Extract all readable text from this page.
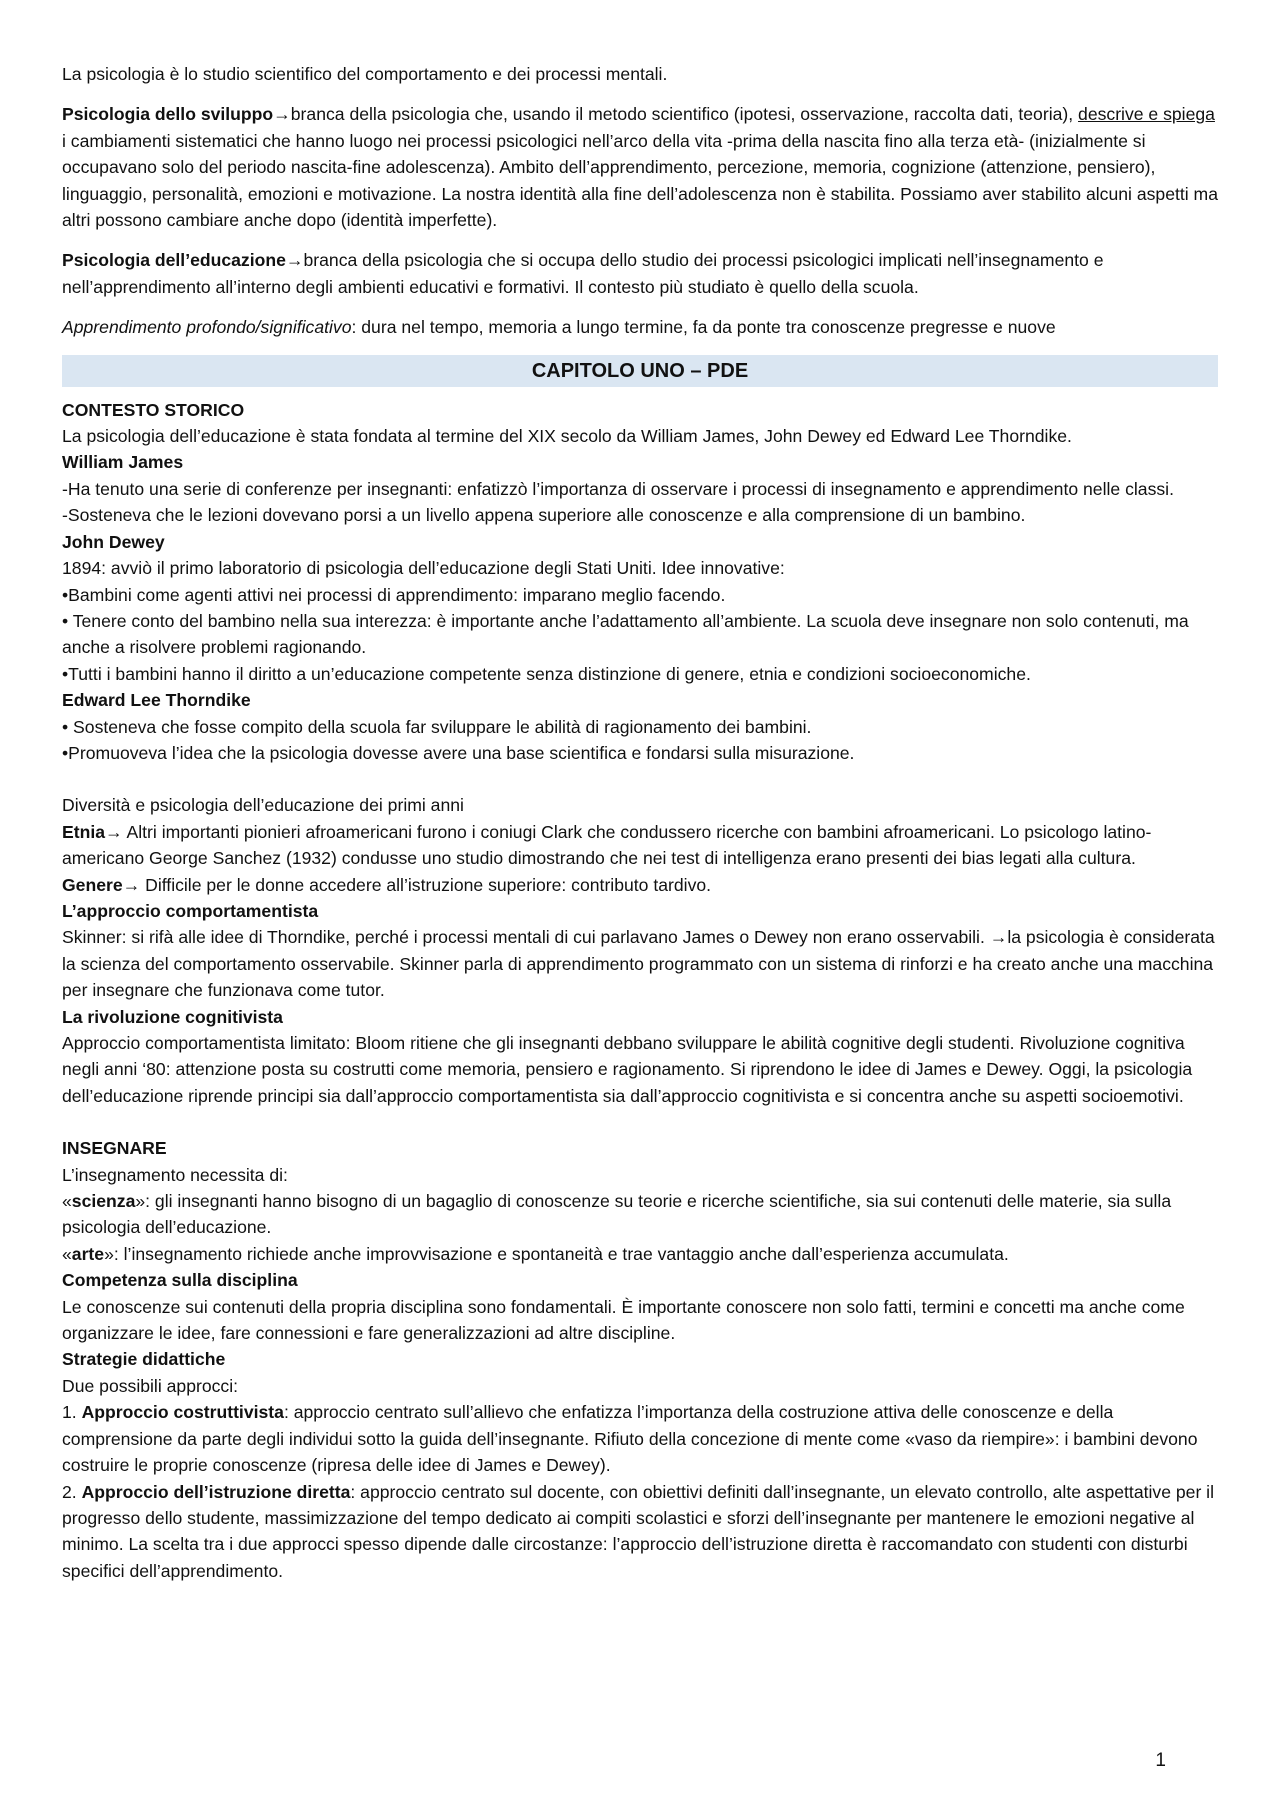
La psicologia è lo studio scientifico del comportamento e dei processi mentali.

Psicologia dello sviluppo→branca della psicologia che, usando il metodo scientifico (ipotesi, osservazione, raccolta dati, teoria), descrive e spiega i cambiamenti sistematici che hanno luogo nei processi psicologici nell’arco della vita -prima della nascita fino alla terza età- (inizialmente si occupavano solo del periodo nascita-fine adolescenza). Ambito dell’apprendimento, percezione, memoria, cognizione (attenzione, pensiero), linguaggio, personalità, emozioni e motivazione. La nostra identità alla fine dell’adolescenza non è stabilita. Possiamo aver stabilito alcuni aspetti ma altri possono cambiare anche dopo (identità imperfette).

Psicologia dell’educazione→branca della psicologia che si occupa dello studio dei processi psicologici implicati nell’insegnamento e nell’apprendimento all’interno degli ambienti educativi e formativi. Il contesto più studiato è quello della scuola.

Apprendimento profondo/significativo: dura nel tempo, memoria a lungo termine, fa da ponte tra conoscenze pregresse e nuove

CAPITOLO UNO – PDE

CONTESTO STORICO

La psicologia dell’educazione è stata fondata al termine del XIX secolo da William James, John Dewey ed Edward Lee Thorndike.

William James

-Ha tenuto una serie di conferenze per insegnanti: enfatizzò l’importanza di osservare i processi di insegnamento e apprendimento nelle classi.

-Sosteneva che le lezioni dovevano porsi a un livello appena superiore alle conoscenze e alla comprensione di un bambino.

John Dewey

1894: avviò il primo laboratorio di psicologia dell’educazione degli Stati Uniti. Idee innovative:

•Bambini come agenti attivi nei processi di apprendimento: imparano meglio facendo.

• Tenere conto del bambino nella sua interezza: è importante anche l’adattamento all’ambiente. La scuola deve insegnare non solo contenuti, ma anche a risolvere problemi ragionando.

•Tutti i bambini hanno il diritto a un’educazione competente senza distinzione di genere, etnia e condizioni socioeconomiche.

Edward Lee Thorndike

• Sosteneva che fosse compito della scuola far sviluppare le abilità di ragionamento dei bambini.

•Promuoveva l’idea che la psicologia dovesse avere una base scientifica e fondarsi sulla misurazione.

Diversità e psicologia dell’educazione dei primi anni

Etnia→ Altri importanti pionieri afroamericani furono i coniugi Clark che condussero ricerche con bambini afroamericani. Lo psicologo latino-americano George Sanchez (1932) condusse uno studio dimostrando che nei test di intelligenza erano presenti dei bias legati alla cultura.

Genere→ Difficile per le donne accedere all’istruzione superiore: contributo tardivo.

L’approccio comportamentista

Skinner: si rifà alle idee di Thorndike, perché i processi mentali di cui parlavano James o Dewey non erano osservabili. →la psicologia è considerata la scienza del comportamento osservabile. Skinner parla di apprendimento programmato con un sistema di rinforzi e ha creato anche una macchina per insegnare che funzionava come tutor.

La rivoluzione cognitivista

Approccio comportamentista limitato: Bloom ritiene che gli insegnanti debbano sviluppare le abilità cognitive degli studenti. Rivoluzione cognitiva negli anni ‘80: attenzione posta su costrutti come memoria, pensiero e ragionamento. Si riprendono le idee di James e Dewey. Oggi, la psicologia dell’educazione riprende principi sia dall’approccio comportamentista sia dall’approccio cognitivista e si concentra anche su aspetti socioemotivi.

INSEGNARE

L’insegnamento necessita di:

«scienza»: gli insegnanti hanno bisogno di un bagaglio di conoscenze su teorie e ricerche scientifiche, sia sui contenuti delle materie, sia sulla psicologia dell’educazione.

«arte»: l’insegnamento richiede anche improvvisazione e spontaneità e trae vantaggio anche dall’esperienza accumulata.

Competenza sulla disciplina

Le conoscenze sui contenuti della propria disciplina sono fondamentali. È importante conoscere non solo fatti, termini e concetti ma anche come organizzare le idee, fare connessioni e fare generalizzazioni ad altre discipline.

Strategie didattiche

Due possibili approcci:

1. Approccio costruttivista: approccio centrato sull’allievo che enfatizza l’importanza della costruzione attiva delle conoscenze e della comprensione da parte degli individui sotto la guida dell’insegnante. Rifiuto della concezione di mente come «vaso da riempire»: i bambini devono costruire le proprie conoscenze (ripresa delle idee di James e Dewey).

2. Approccio dell’istruzione diretta: approccio centrato sul docente, con obiettivi definiti dall’insegnante, un elevato controllo, alte aspettative per il progresso dello studente, massimizzazione del tempo dedicato ai compiti scolastici e sforzi dell’insegnante per mantenere le emozioni negative al minimo. La scelta tra i due approcci spesso dipende dalle circostanze: l’approccio dell’istruzione diretta è raccomandato con studenti con disturbi specifici dell’apprendimento.

1
